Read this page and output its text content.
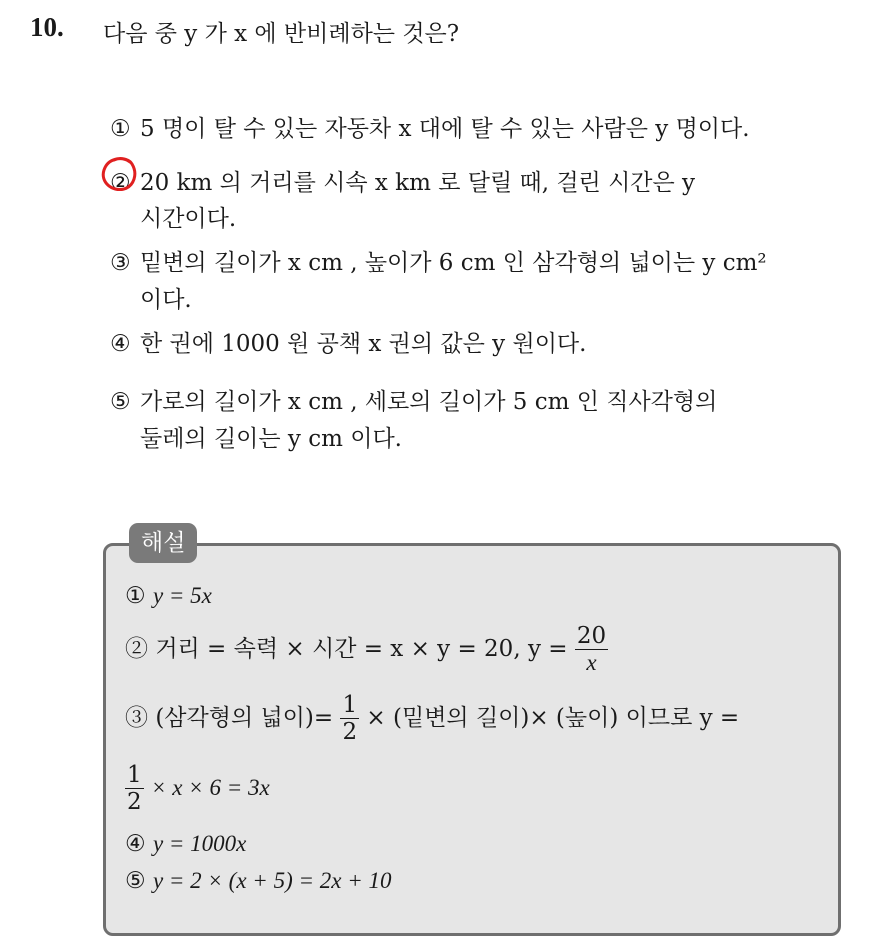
10. 다음 중 y 가 x 에 반비례하는 것은?
① 5 명이 탈 수 있는 자동차 x 대에 탈 수 있는 사람은 y 명이다.
② 20 km 의 거리를 시속 x km 로 달릴 때, 걸린 시간은 y
시간이다.
③ 밑변의 길이가 x cm , 높이가 6 cm 인 삼각형의 넓이는 y cm²
이다.
④ 한 권에 1000 원 공책 x 권의 값은 y 원이다.
⑤ 가로의 길이가 x cm , 세로의 길이가 5 cm 인 직사각형의
둘레의 길이는 y cm 이다.
해설
① y = 5x
② 거리 = 속력 × 시간 = x × y = 20, $y = \frac{20}{x}$
③ (삼각형의 넓이)= $\frac{1}{2}$ × (밑변의 길이)× (높이) 이므로 y =
$\frac{1}{2} \times x \times 6 = 3x$
④ y = 1000x
⑤ y = 2 × (x + 5) = 2x + 10
